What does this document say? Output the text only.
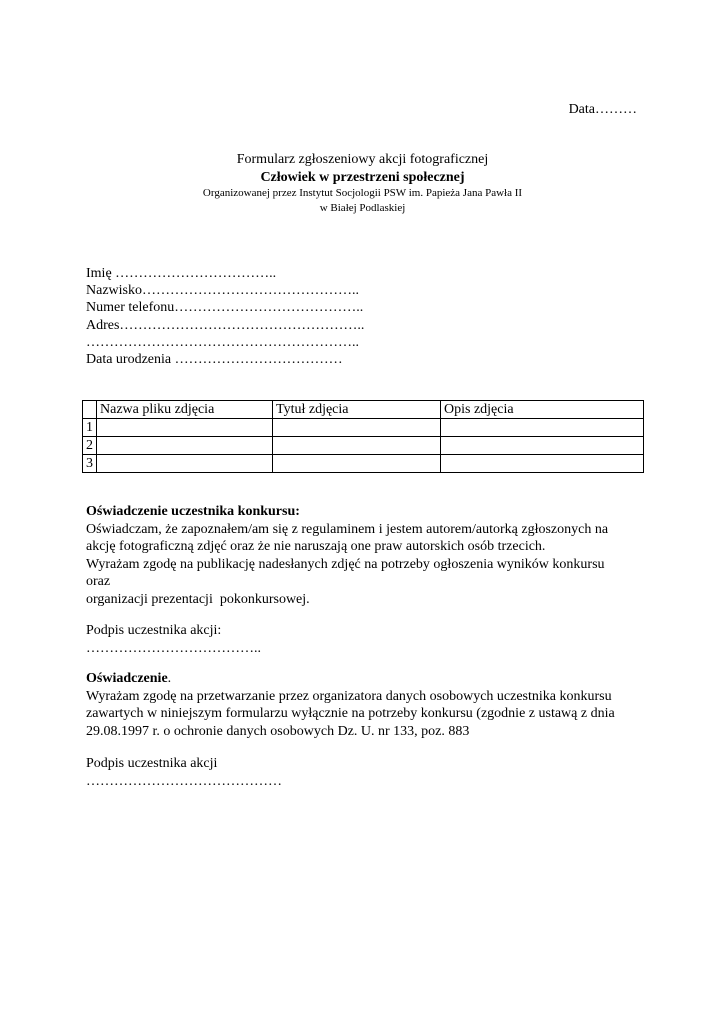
Data………
Formularz zgłoszeniowy akcji fotograficznej
Człowiek w przestrzeni społecznej
Organizowanej przez Instytut Socjologii PSW im. Papieża Jana Pawła II
w Białej Podlaskiej
Imię ……………………………..
Nazwisko………………………………………..
Numer telefonu…………………………………..
Adres……………………………………………..
…………………………………………………..
Data urodzenia ………………………………
	Nazwa pliku zdjęcia	Tytuł zdjęcia	Opis zdjęcia
1			
2			
3			
Oświadczenie uczestnika konkursu:
Oświadczam, że zapoznałem/am się z regulaminem i jestem autorem/autorką zgłoszonych na
akcję fotograficzną zdjęć oraz że nie naruszają one praw autorskich osób trzecich.
Wyrażam zgodę na publikację nadesłanych zdjęć na potrzeby ogłoszenia wyników konkursu
oraz
organizacji prezentacji  pokonkursowej.
Podpis uczestnika akcji:
………………………………..
Oświadczenie.
Wyrażam zgodę na przetwarzanie przez organizatora danych osobowych uczestnika konkursu
zawartych w niniejszym formularzu wyłącznie na potrzeby konkursu (zgodnie z ustawą z dnia
29.08.1997 r. o ochronie danych osobowych Dz. U. nr 133, poz. 883
Podpis uczestnika akcji
……………………………………
